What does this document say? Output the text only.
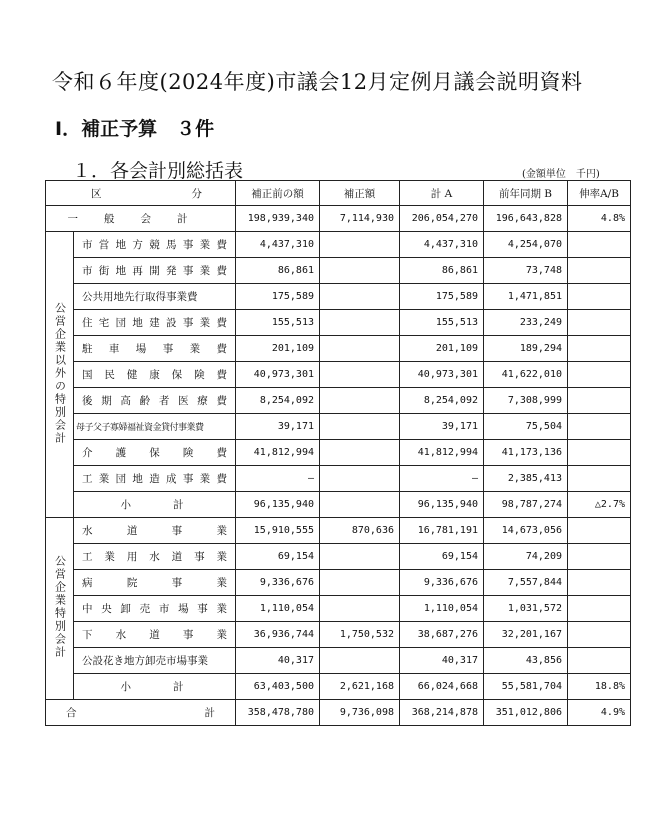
令和６年度(2024年度)市議会12月定例月議会説明資料
Ⅰ．補正予算　３件
１．各会計別総括表	(金額単位　千円)
区 分		補正前の額	補正額	計 A	前年同期 B	伸率A/B
一般会計		198,939,340	7,114,930	206,054,270	196,643,828	4.8%
公営企業以外の特別会計	市営地方競馬事業費	4,437,310		4,437,310	4,254,070	
	市街地再開発事業費	86,861		86,861	73,748	
	公共用地先行取得事業費	175,589		175,589	1,471,851	
	住宅団地建設事業費	155,513		155,513	233,249	
	駐車場事業費	201,109		201,109	189,294	
	国民健康保険費	40,973,301		40,973,301	41,622,010	
	後期高齢者医療費	8,254,092		8,254,092	7,308,999	
	母子父子寡婦福祉資金貸付事業費	39,171		39,171	75,504	
	介護保険費	41,812,994		41,812,994	41,173,136	
	工業団地造成事業費	—		—	2,385,413	
	小計	96,135,940		96,135,940	98,787,274	△2.7%
公営企業特別会計	水道事業	15,910,555	870,636	16,781,191	14,673,056	
	工業用水道事業	69,154		69,154	74,209	
	病院事業	9,336,676		9,336,676	7,557,844	
	中央卸売市場事業	1,110,054		1,110,054	1,031,572	
	下水道事業	36,936,744	1,750,532	38,687,276	32,201,167	
	公設花き地方卸売市場事業	40,317		40,317	43,856	
	小計	63,403,500	2,621,168	66,024,668	55,581,704	18.8%
合計		358,478,780	9,736,098	368,214,878	351,012,806	4.9%
